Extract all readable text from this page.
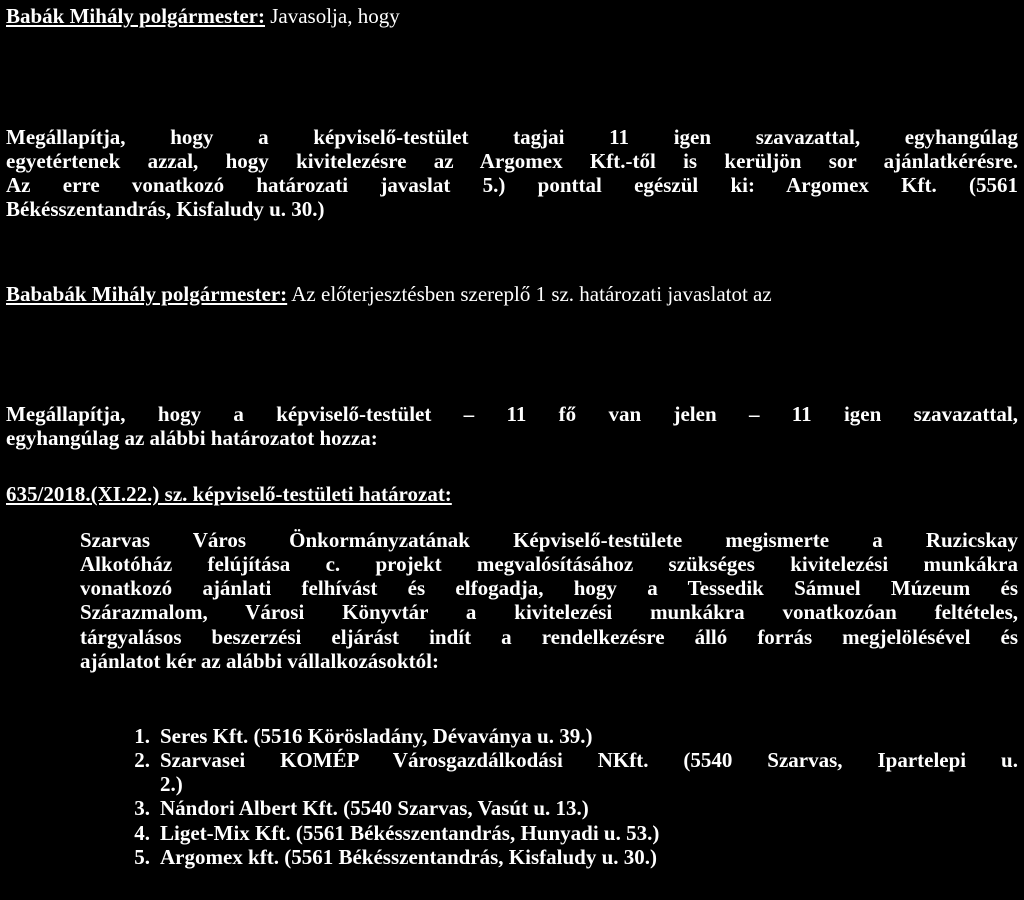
Babák Mihály polgármester: Javasolja, hogy

Megállapítja, hogy a képviselő-testület tagjai 11 igen szavazattal, egyhangúlag
egyetértenek azzal, hogy kivitelezésre az Argomex Kft.-től is kerüljön sor ajánlatkérésre.
Az erre vonatkozó határozati javaslat 5.) ponttal egészül ki: Argomex Kft. (5561
Békésszentandrás, Kisfaludy u. 30.)

Bababák Mihály polgármester: Az előterjesztésben szereplő 1 sz. határozati javaslatot az

Megállapítja, hogy a képviselő-testület – 11 fő van jelen – 11 igen szavazattal,
egyhangúlag az alábbi határozatot hozza:

635/2018.(XI.22.) sz. képviselő-testületi határozat:

Szarvas Város Önkormányzatának Képviselő-testülete megismerte a Ruzicskay
Alkotóház felújítása c. projekt megvalósításához szükséges kivitelezési munkákra
vonatkozó ajánlati felhívást és elfogadja, hogy a Tessedik Sámuel Múzeum és
Szárazmalom, Városi Könyvtár a kivitelezési munkákra vonatkozóan feltételes,
tárgyalásos beszerzési eljárást indít a rendelkezésre álló forrás megjelölésével és
ajánlatot kér az alábbi vállalkozásoktól:

1. Seres Kft. (5516 Körösladány, Dévaványa u. 39.)
2. Szarvasei KOMÉP Városgazdálkodási NKft. (5540 Szarvas, Ipartelepi u.
2.)
3. Nándori Albert Kft. (5540 Szarvas, Vasút u. 13.)
4. Liget-Mix Kft. (5561 Békésszentandrás, Hunyadi u. 53.)
5. Argomex kft. (5561 Békésszentandrás, Kisfaludy u. 30.)
